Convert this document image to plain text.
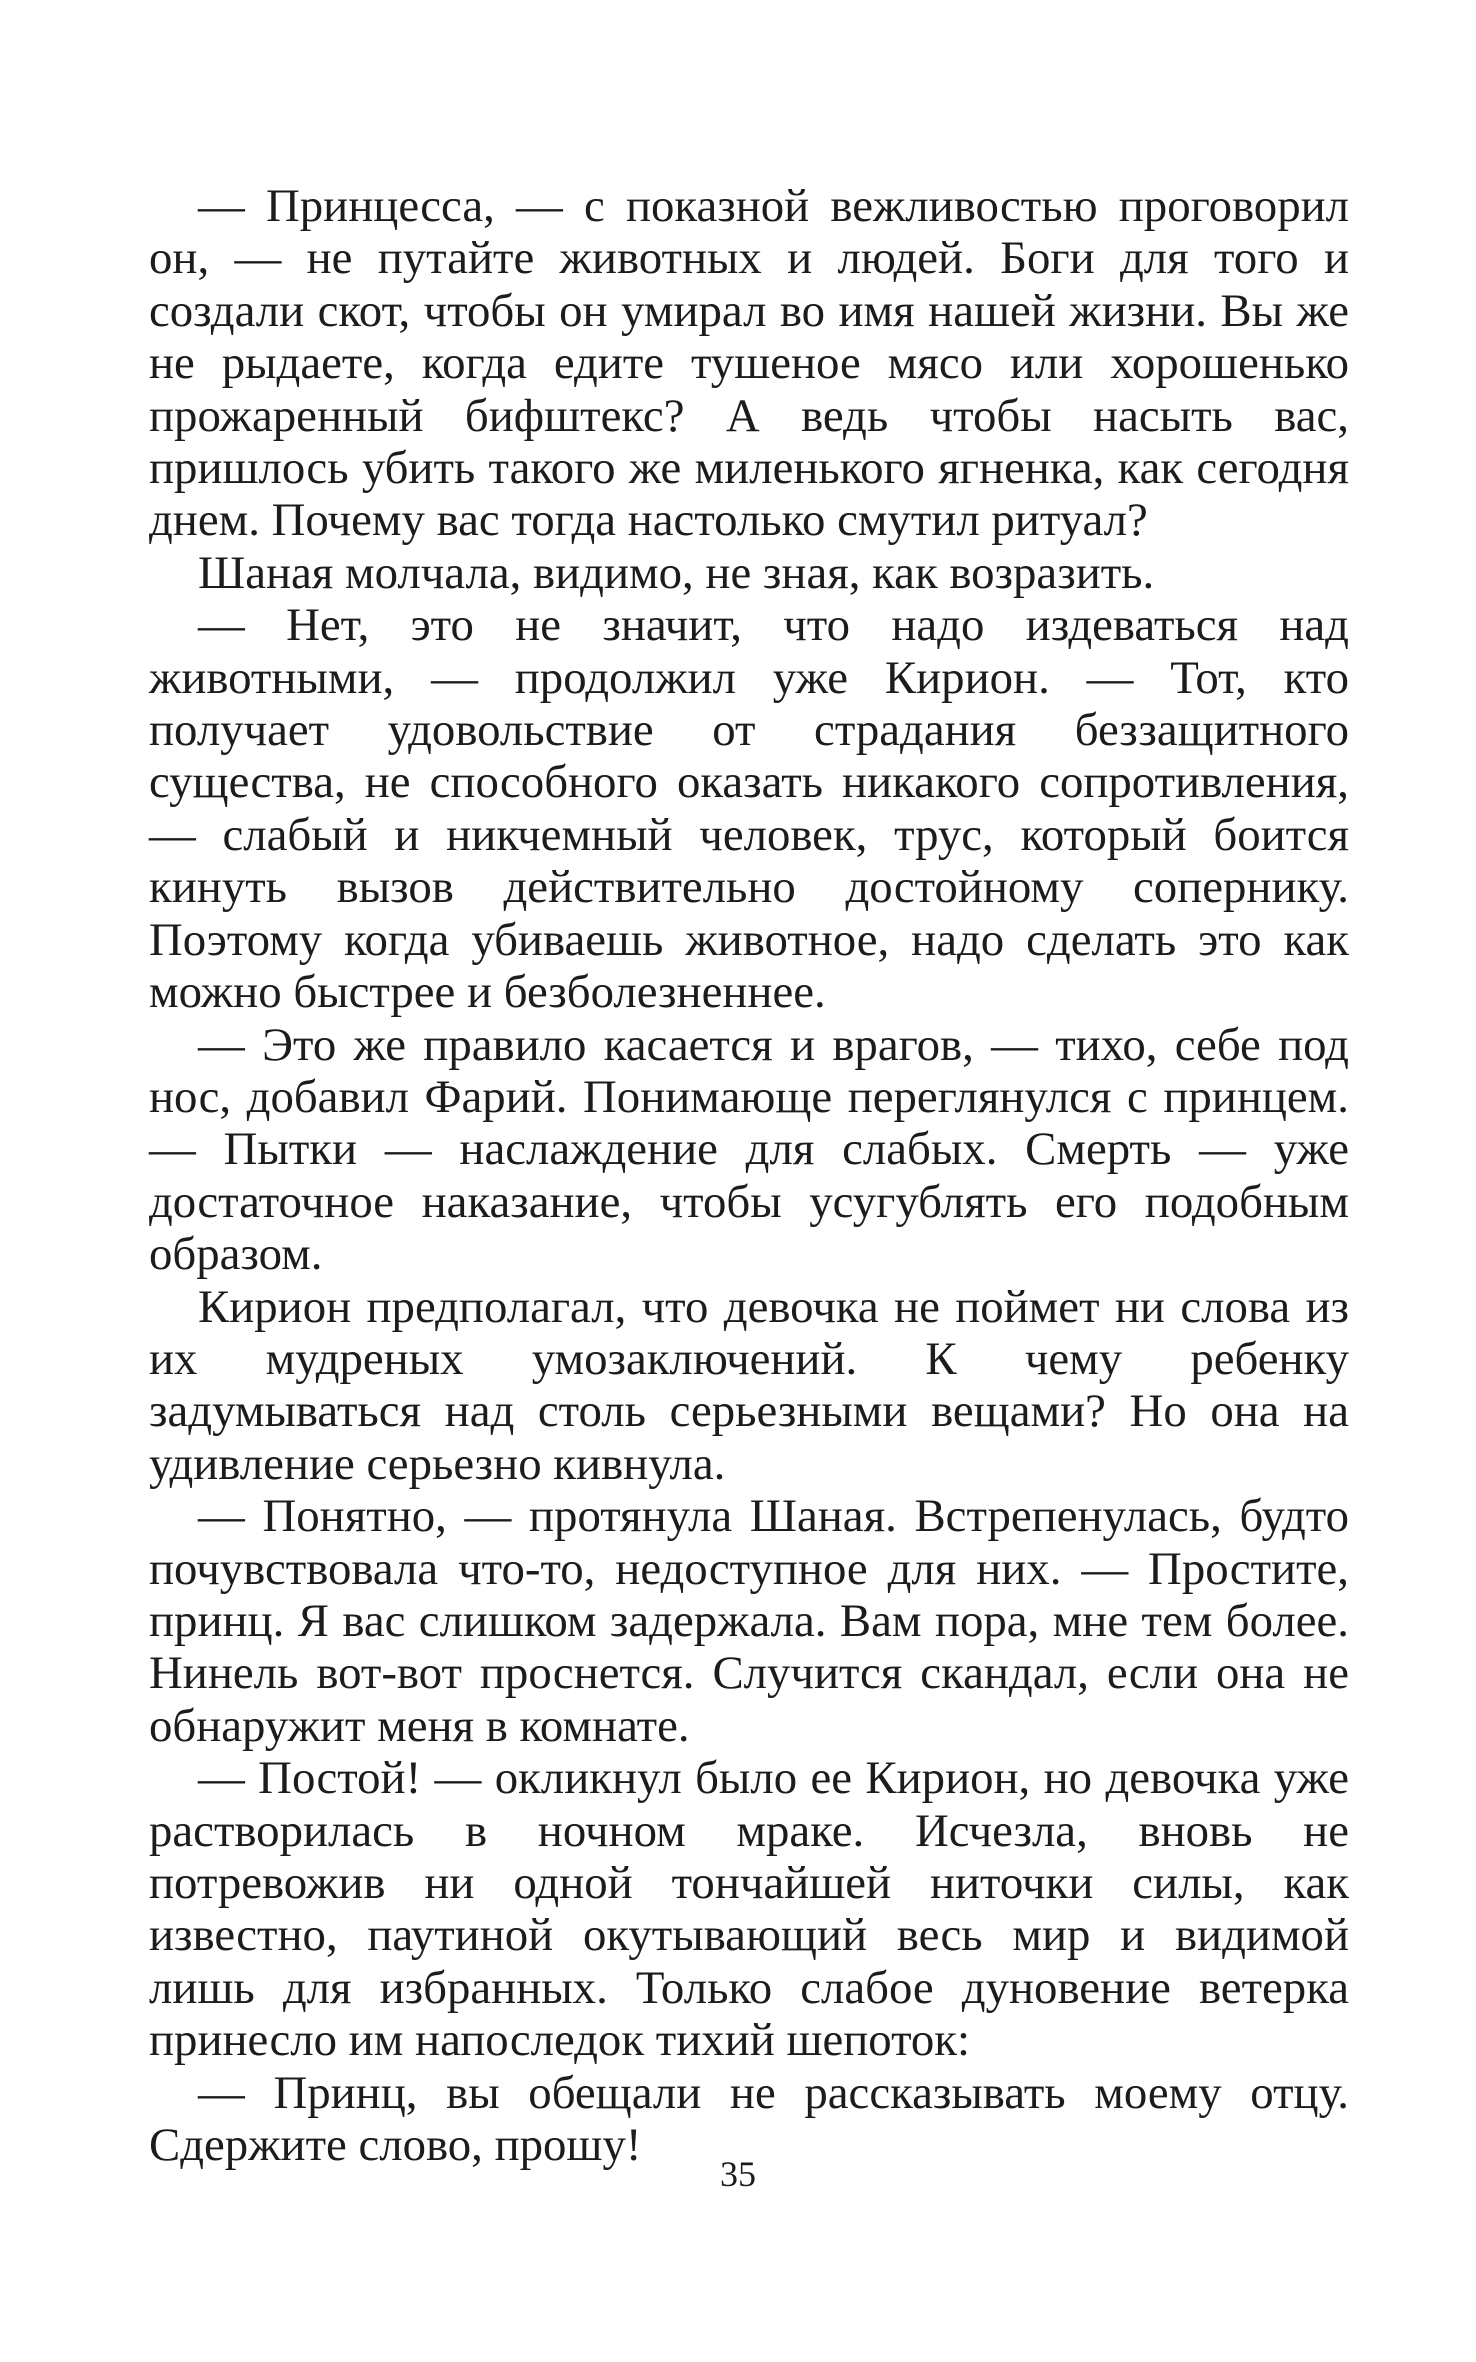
— Принцесса, — с показной вежливостью проговорил он, — не путайте животных и людей. Боги для того и создали скот, чтобы он умирал во имя нашей жизни. Вы же не рыдаете, когда едите тушеное мясо или хорошенько прожаренный бифштекс? А ведь чтобы насыть вас, пришлось убить такого же миленького ягненка, как сегодня днем. Почему вас тогда настолько смутил ритуал?

Шаная молчала, видимо, не зная, как возразить.

— Нет, это не значит, что надо издеваться над животными, — продолжил уже Кирион. — Тот, кто получает удовольствие от страдания беззащитного существа, не способного оказать никакого сопротивления, — слабый и никчемный человек, трус, который боится кинуть вызов действительно достойному сопернику. Поэтому когда убиваешь животное, надо сделать это как можно быстрее и безболезненнее.

— Это же правило касается и врагов, — тихо, себе под нос, добавил Фарий. Понимающе переглянулся с принцем. — Пытки — наслаждение для слабых. Смерть — уже достаточное наказание, чтобы усугублять его подобным образом.

Кирион предполагал, что девочка не поймет ни слова из их мудреных умозаключений. К чему ребенку задумываться над столь серьезными вещами? Но она на удивление серьезно кивнула.

— Понятно, — протянула Шаная. Встрепенулась, будто почувствовала что-то, недоступное для них. — Простите, принц. Я вас слишком задержала. Вам пора, мне тем более. Нинель вот-вот проснется. Случится скандал, если она не обнаружит меня в комнате.

— Постой! — окликнул было ее Кирион, но девочка уже растворилась в ночном мраке. Исчезла, вновь не потревожив ни одной тончайшей ниточки силы, как известно, паутиной окутывающий весь мир и видимой лишь для избранных. Только слабое дуновение ветерка принесло им напоследок тихий шепоток:

— Принц, вы обещали не рассказывать моему отцу. Сдержите слово, прошу!

35
